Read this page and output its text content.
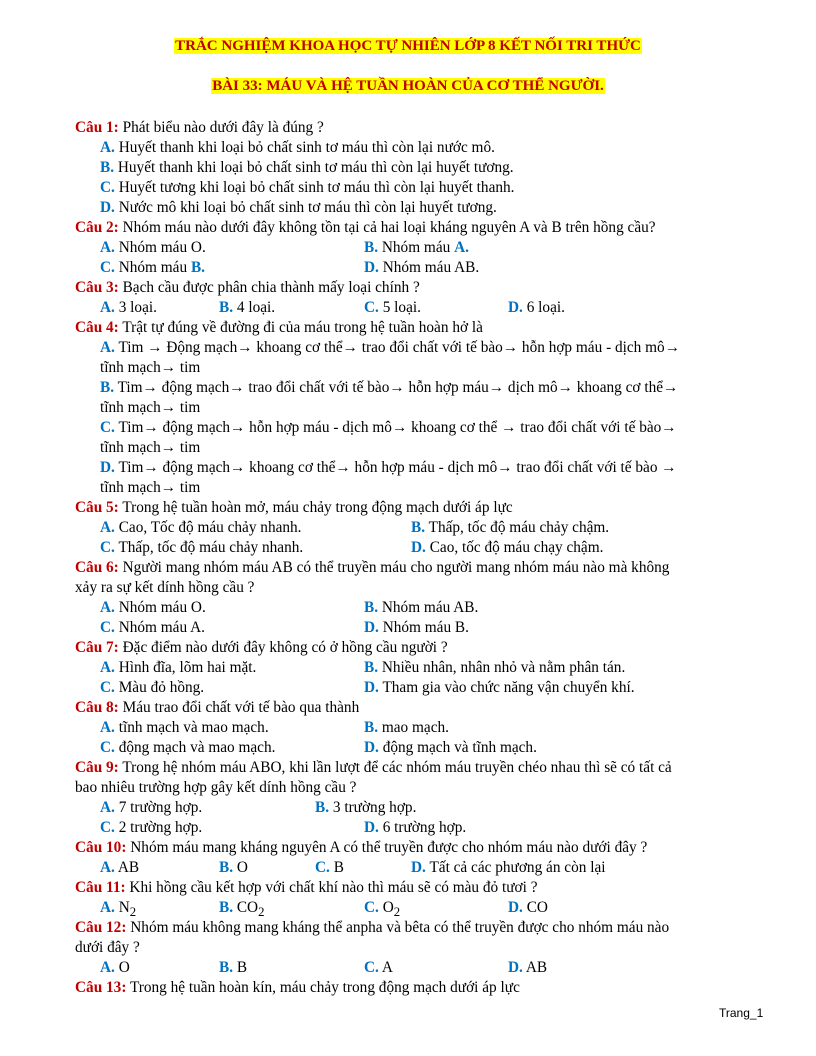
TRẮC NGHIỆM KHOA HỌC TỰ NHIÊN LỚP 8 KẾT NỐI TRI THỨC
BÀI 33: MÁU VÀ HỆ TUẦN HOÀN CỦA CƠ THỂ NGƯỜI.
Câu 1: Phát biểu nào dưới đây là đúng ?
A. Huyết thanh khi loại bỏ chất sinh tơ máu thì còn lại nước mô.
B. Huyết thanh khi loại bỏ chất sinh tơ máu thì còn lại huyết tương.
C. Huyết tương khi loại bỏ chất sinh tơ máu thì còn lại huyết thanh.
D. Nước mô khi loại bỏ chất sinh tơ máu thì còn lại huyết tương.
Câu 2: Nhóm máu nào dưới đây không tồn tại cả hai loại kháng nguyên A và B trên hồng cầu?
A. Nhóm máu O.	B. Nhóm máu A.
C. Nhóm máu B.	D. Nhóm máu AB.
Câu 3: Bạch cầu được phân chia thành mấy loại chính ?
A. 3 loại.	B. 4 loại.	C. 5 loại.	D. 6 loại.
Câu 4: Trật tự đúng về đường đi của máu trong hệ tuần hoàn hở là
A. Tim → Động mạch→ khoang cơ thể→ trao đổi chất với tế bào→ hỗn hợp máu - dịch mô→
tĩnh mạch→ tim
B. Tim→ động mạch→ trao đổi chất với tế bào→ hỗn hợp máu→ dịch mô→ khoang cơ thể→
tĩnh mạch→ tim
C. Tim→ động mạch→ hỗn hợp máu - dịch mô→ khoang cơ thể → trao đổi chất với tế bào→
tĩnh mạch→ tim
D. Tim→ động mạch→ khoang cơ thể→ hỗn hợp máu - dịch mô→ trao đổi chất với tế bào →
tĩnh mạch→ tim
Câu 5: Trong hệ tuần hoàn mở, máu chảy trong động mạch dưới áp lực
A. Cao, Tốc độ máu chảy nhanh.	B. Thấp, tốc độ máu chảy chậm.
C. Thấp, tốc độ máu chảy nhanh.	D. Cao, tốc độ máu chạy chậm.
Câu 6: Người mang nhóm máu AB có thể truyền máu cho người mang nhóm máu nào mà không
xảy ra sự kết dính hồng cầu ?
A. Nhóm máu O.	B. Nhóm máu AB.
C. Nhóm máu A.	D. Nhóm máu B.
Câu 7: Đặc điểm nào dưới đây không có ở hồng cầu người ?
A. Hình đĩa, lõm hai mặt.	B. Nhiều nhân, nhân nhỏ và nằm phân tán.
C. Màu đỏ hồng.	D. Tham gia vào chức năng vận chuyển khí.
Câu 8: Máu trao đổi chất với tế bào qua thành
A. tĩnh mạch và mao mạch.	B. mao mạch.
C. động mạch và mao mạch.	D. động mạch và tĩnh mạch.
Câu 9: Trong hệ nhóm máu ABO, khi lần lượt để các nhóm máu truyền chéo nhau thì sẽ có tất cả
bao nhiêu trường hợp gây kết dính hồng cầu ?
A. 7 trường hợp.	B. 3 trường hợp.
C. 2 trường hợp.	D. 6 trường hợp.
Câu 10: Nhóm máu mang kháng nguyên A có thể truyền được cho nhóm máu nào dưới đây ?
A. AB	B. O	C. B	D. Tất cả các phương án còn lại
Câu 11: Khi hồng cầu kết hợp với chất khí nào thì máu sẽ có màu đỏ tươi ?
A. $N_2$	B. $CO_2$	C. $O_2$	D. CO
Câu 12: Nhóm máu không mang kháng thể anpha và bêta có thể truyền được cho nhóm máu nào
dưới đây ?
A. O	B. B	C. A	D. AB
Câu 13: Trong hệ tuần hoàn kín, máu chảy trong động mạch dưới áp lực
Trang_1
